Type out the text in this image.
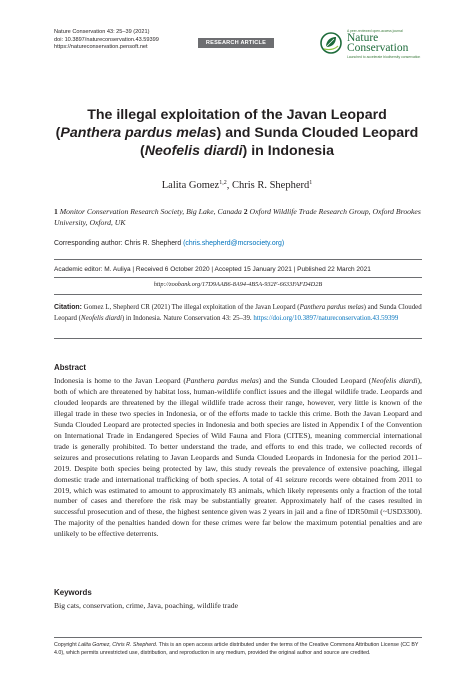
Nature Conservation 43: 25–39 (2021)
doi: 10.3897/natureconservation.43.59399
https://natureconservation.pensoft.net
RESEARCH ARTICLE
A peer-reviewed open-access journal
Nature
Conservation
Launched to accelerate biodiversity conservation
The illegal exploitation of the Javan Leopard (Panthera pardus melas) and Sunda Clouded Leopard (Neofelis diardi) in Indonesia
Lalita Gomez$^{1,2}$, Chris R. Shepherd$^1$
1 Monitor Conservation Research Society, Big Lake, Canada 2 Oxford Wildlife Trade Research Group, Oxford Brookes University, Oxford, UK
Corresponding author: Chris R. Shepherd (chris.shepherd@mcrsociety.org)
Academic editor: M. Auliya | Received 6 October 2020 | Accepted 15 January 2021 | Published 22 March 2021
http://zoobank.org/17D9AAB6-8A94-4B5A-932F-6633FAFD4D2B
Citation: Gomez L, Shepherd CR (2021) The illegal exploitation of the Javan Leopard (Panthera pardus melas) and Sunda Clouded Leopard (Neofelis diardi) in Indonesia. Nature Conservation 43: 25–39. https://doi.org/10.3897/natureconservation.43.59399
Abstract
Indonesia is home to the Javan Leopard (Panthera pardus melas) and the Sunda Clouded Leopard (Neofelis diardi), both of which are threatened by habitat loss, human-wildlife conflict issues and the illegal wildlife trade. Leopards and clouded leopards are threatened by the illegal wildlife trade across their range, however, very little is known of the illegal trade in these two species in Indonesia, or of the efforts made to tackle this crime. Both the Javan Leopard and Sunda Clouded Leopard are protected species in Indonesia and both species are listed in Appendix I of the Convention on International Trade in Endangered Species of Wild Fauna and Flora (CITES), meaning commercial international trade is generally prohibited. To better understand the trade, and efforts to end this trade, we collected records of seizures and prosecutions relating to Javan Leopards and Sunda Clouded Leopards in Indonesia for the period 2011–2019. Despite both species being protected by law, this study reveals the prevalence of extensive poaching, illegal domestic trade and international trafficking of both species. A total of 41 seizure records were obtained from 2011 to 2019, which was estimated to amount to approximately 83 animals, which likely represents only a fraction of the total number of cases and therefore the risk may be substantially greater. Approximately half of the cases resulted in successful prosecution and of these, the highest sentence given was 2 years in jail and a fine of IDR50mil (~USD3300). The majority of the penalties handed down for these crimes were far below the maximum potential penalties and are unlikely to be effective deterrents.
Keywords
Big cats, conservation, crime, Java, poaching, wildlife trade
Copyright Lalita Gomez, Chris R. Shepherd. This is an open access article distributed under the terms of the Creative Commons Attribution License (CC BY 4.0), which permits unrestricted use, distribution, and reproduction in any medium, provided the original author and source are credited.
